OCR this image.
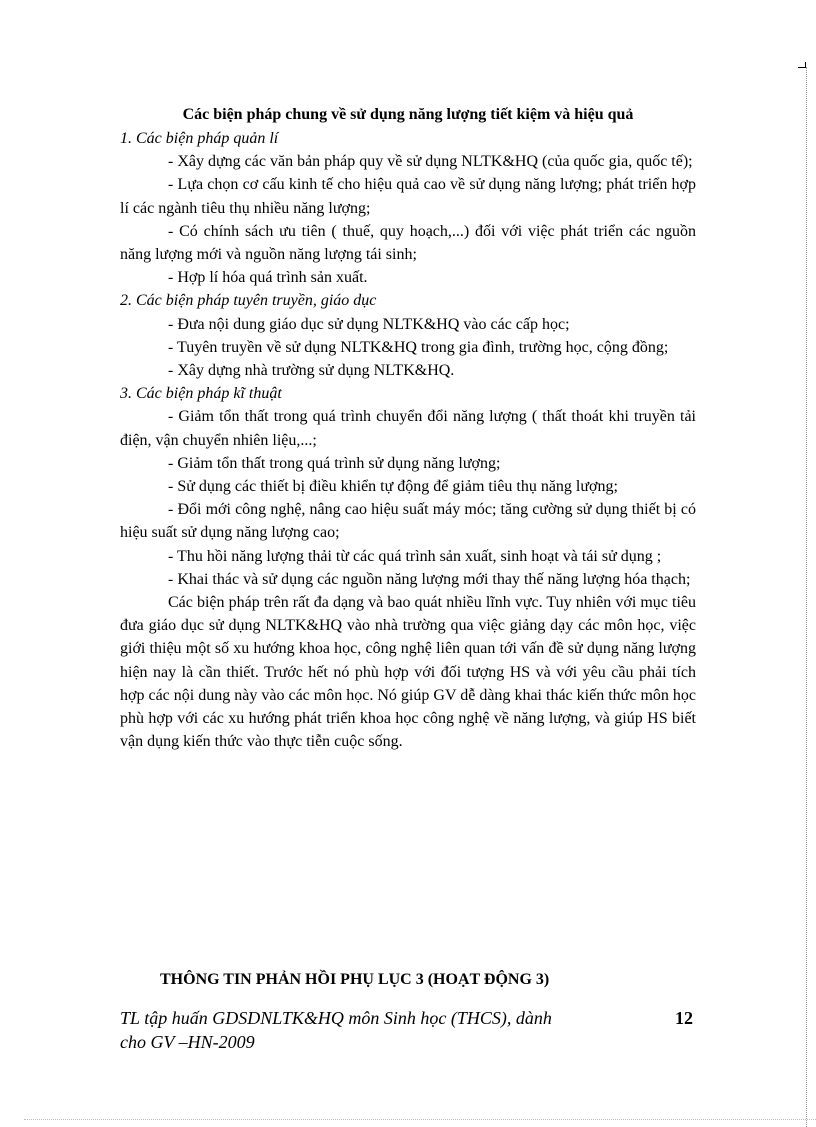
Các biện pháp chung về sử dụng năng lượng tiết kiệm và hiệu quả

1. Các biện pháp quản lí

- Xây dựng các văn bản pháp quy về sử dụng NLTK&HQ (của quốc gia, quốc tế);

- Lựa chọn cơ cấu kinh tế cho hiệu quả cao về sử dụng năng lượng; phát triển hợp lí các ngành tiêu thụ nhiều năng lượng;

- Có chính sách ưu tiên ( thuế, quy hoạch,...) đối với việc phát triển các nguồn năng lượng mới và nguồn năng lượng tái sinh;

- Hợp lí hóa quá trình sản xuất.

2. Các biện pháp tuyên truyền, giáo dục

- Đưa nội dung giáo dục sử dụng NLTK&HQ vào các cấp học;

- Tuyên truyền về sử dụng NLTK&HQ trong gia đình, trường học, cộng đồng;

- Xây dựng nhà trường sử dụng NLTK&HQ.

3. Các biện pháp kĩ thuật

- Giảm tổn thất trong quá trình chuyển đổi năng lượng ( thất thoát khi truyền tải điện, vận chuyển nhiên liệu,...;

- Giảm tổn thất trong quá trình sử dụng năng lượng;

- Sử dụng các thiết bị điều khiển tự động để giảm tiêu thụ năng lượng;

- Đổi mới công nghệ, nâng cao hiệu suất máy móc; tăng cường sử dụng thiết bị có hiệu suất sử dụng năng lượng cao;

- Thu hồi năng lượng thải từ các quá trình sản xuất, sinh hoạt và tái sử dụng ;

- Khai thác và sử dụng các nguồn năng lượng mới thay thế năng lượng hóa thạch;

Các biện pháp trên rất đa dạng và bao quát nhiều lĩnh vực. Tuy nhiên với mục tiêu đưa giáo dục sử dụng NLTK&HQ vào nhà trường qua việc giảng dạy các môn học, việc giới thiệu một số xu hướng khoa học, công nghệ liên quan tới vấn đề sử dụng năng lượng hiện nay là cần thiết. Trước hết nó phù hợp với đối tượng HS và với yêu cầu phải tích hợp các nội dung này vào các môn học. Nó giúp GV dễ dàng khai thác kiến thức môn học phù hợp với các xu hướng phát triển khoa học công nghệ về năng lượng, và giúp HS biết vận dụng kiến thức vào thực tiễn cuộc sống.

THÔNG TIN PHẢN HỒI PHỤ LỤC 3 (HOẠT ĐỘNG 3)
TL tập huấn GDSDNLTK&HQ môn Sinh học (THCS), dành cho GV –HN-2009
12
